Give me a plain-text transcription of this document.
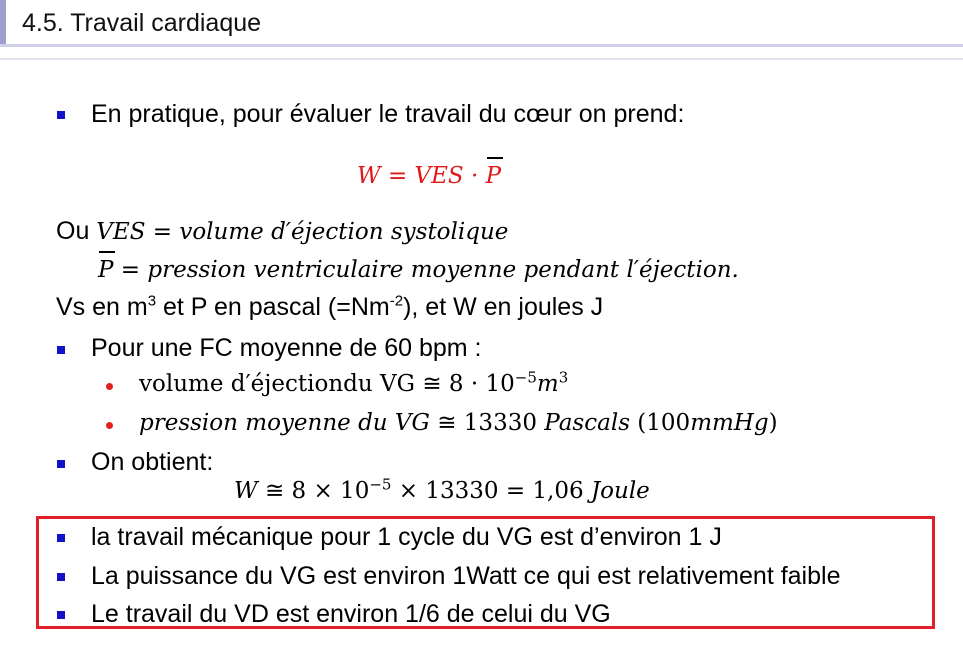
4.5. Travail cardiaque
En pratique, pour évaluer le travail du cœur on prend:
W = VES · P
Ou VES = volume d′éjection systolique
P = pression ventriculaire moyenne pendant l′éjection.
Vs en $m^3$ et P en pascal $(=Nm^{-2})$, et W en joules J
Pour une FC moyenne de 60 bpm :
volume d′éjectiondu VG ≅ $8 \cdot 10^{-5}m^3$
pression moyenne du VG ≅ 13330 Pascals (100mmHg)
On obtient:
W ≅ $8 \times 10^{-5} \times 13330 = 1,06$ Joule
la travail mécanique pour 1 cycle du VG est d’environ 1 J
La puissance du VG est environ 1Watt ce qui est relativement faible
Le travail du VD est environ 1/6 de celui du VG
